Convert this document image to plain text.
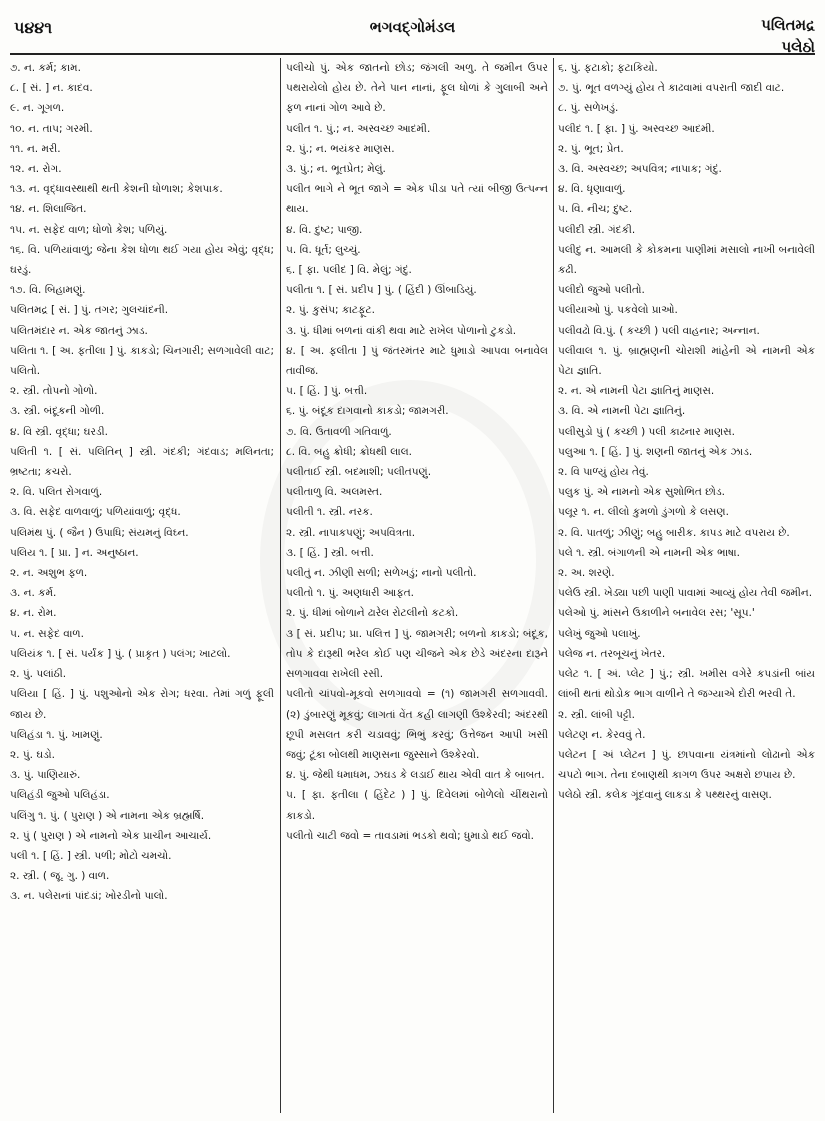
પ૪૪૧	ભગવદ્ગોમંડલ	પલિતમદ્ર
પલેઠો

૭. ન. કર્મ; કામ.

૮. [ સં. ] ન. કાદવ.

૯. ન. ગૂગળ.

૧૦. ન. તાપ; ગરમી.

૧૧. ન. મરી.

૧૨. ન. રોગ.

૧૩. ન. વૃદ્ધાવસ્થાથી થતી કેશની ધોળાશ; કેશપાક.

૧૪. ન. શિલાજિત.

૧૫. ન. સફેદ વાળ; ધોળો કેશ; પળિયું.

૧૬. વિ. પળિયાંવાળું; જેના કેશ ધોળા થઈ ગયા હોય એવું; વૃદ્ધ; ઘરડું.

૧૭. વિ. બિહામણું.

પલિતમદ્ર [ સં. ] પું. તગર; ગુલચાંદની.

પલિતમંદાર ન. એક જાતનું ઝાડ.

પલિતા ૧. [ અ. ફતીલા ] પું. કાકડો; ચિનગારી; સળગાવેલી વાટ; પલિતો.

૨. સ્ત્રી. તોપનો ગોળો.

૩. સ્ત્રી. બંદૂકની ગોળી.

૪. વિ સ્ત્રી. વૃદ્ધા; ઘરડી.

પલિતી ૧. [ સં. પલિતિન્ ] સ્ત્રી. ગંદકી; ગંદવાડ; મલિનતા; ભ્રષ્ટતા; કચરો.

૨. વિ. પલિત રોગવાળું.

૩. વિ. સફેદ વાળવાળું; પળિયાંવાળું; વૃદ્ધ.

પલિમંથ પું. ( જૈન ) ઉપાધિ; સંયમનું વિઘ્ન.

પલિય ૧. [ પ્રા. ] ન. અનુષ્ઠાન.

૨. ન. અશુભ ફળ.

૩. ન. કર્મ.

૪. ન. રોમ.

૫. ન. સફેદ વાળ.

પલિયંક ૧. [ સં. પર્યંક ] પું. ( પ્રાકૃત ) પલંગ; ખાટલો.

૨. પું. પલાંઠી.

પલિયા [ હિં. ] પું. પશુઓનો એક રોગ; ધરવા. તેમાં ગળું ફૂલી જાય છે.

પલિહંડા ૧. પું. ખામણું.

૨. પું. ઘડો.

૩. પું. પાણિયારું.

પલિહંડી જુઓ પલિહંડા.

પલિંગુ ૧. પું. ( પુરાણ ) એ નામના એક બ્રહ્મર્ષિ.

૨. પું ( પુરાણ ) એ નામનો એક પ્રાચીન આચાર્ય.

પલી ૧. [ હિં. ] સ્ત્રી. પળી; મોટો ચમચો.

૨. સ્ત્રી. ( જૂ. ગુ. ) વાળ.

૩. ન. પલેરાનાં પાંદડાં; ખોરડીનો પાલો.

પલીચો પું. એક જાતનો છોડ; જંગલી અળુ. તે જમીન ઉપર પથરાયેલો હોય છે. તેને પાન નાનાં, ફૂલ ધોળાં કે ગુલાબી અને ફળ નાનાં ગોળ આવે છે.

પલીત ૧. પું.; ન. અસ્વચ્છ આદમી.

૨. પું.; ન. ભયંકર માણસ.

૩. પું.; ન. ભૂતપ્રેત; મેલું.

પલીત ભાગે ને ભૂત જાગે = એક પીડા પતે ત્યાં બીજી ઉત્પન્ન થાય.

૪. વિ. દુષ્ટ; પાજી.

૫. વિ. ધૂર્ત; લુચ્ચું.

૬. [ ફા. પલીદ ] વિ. મેલું; ગંદું.

પલીતા ૧. [ સં. પ્રદીપ ] પું. ( હિંદી ) ઊંબાડિયું.

૨. પું. કુસંપ; કાટફૂટ.

૩. પું. ધીમાં બળનાં વાંકી થવા માટે રાખેલ પોળાનો ટુકડો.

૪. [ અ. ફલીતા ] પું જંતરમંતર માટે ધુમાડો આપવા બનાવેલ તાવીજ.

૫. [ હિં. ] પું. બત્તી.

૬. પું. બંદૂક દાગવાનો કાકડો; જામગરી.

૭. વિ. ઉતાવળી ગતિવાળું.

૮. વિ. બહુ ક્રોધી; ક્રોધથી લાલ.

પલીતાઈ સ્ત્રી. બદમાશી; પલીતપણું.

પલીતાળુ વિ. અલમસ્ત.

પલીતી ૧. સ્ત્રી. નરક.

૨. સ્ત્રી. નાપાકપણું; અપવિત્રતા.

૩. [ હિં. ] સ્ત્રી. બત્તી.

પલીતું ન. ઝીણી સળી; સળેખડું; નાનો પલીતો.

પલીતો ૧. પું. અણધારી આફત.

૨. પું. ધીમાં બોળાને ઢારેલ રોટલીનો કટકો.

૩ [ સં. પ્રદીપ; પ્રા. પલિત્ત ] પું. જામગરી; બળનો કાકડો; બંદૂક, તોપ કે દારૂથી ભરેલ કોઈ પણ ચીજને એક છેડે અંદરના દારૂને સળગાવવા રાખેલી રસી.

પલીતો ચાંપવો-મૂકવો સળગાવવો = (૧) જામગરી સળગાવવી. (૨) ડુંબારણું મૂકવું; લાગતાં વેંત કહી લાગણી ઉશ્કેરવી; અંદરથી છૂપી મસલત કરી ચડાવવું; ભિભું કરવું; ઉત્તેજન આપી ખસી જવું; ટૂંકા બોલથી માણસના જુસ્સાને ઉશ્કેરવો.

૪. પું. જેથી ધમાધમ, ઝઘડ કે લડાઈ થાય એવી વાત કે બાબત.

૫. [ ફા. ફતીલા ( હિંદેટ ) ] પું. દિવેલમાં બોળેલો ચીંથરાનો કાકડો.

પલીતો ચાટી જવો = તાવડામાં ભડકો થવો; ધુમાડો થઈ જવો.

૬. પું. ફટાકો; ફટાકિયો.

૭. પું. ભૂત વળગ્યું હોય તે કાઢવામાં વપરાતી જાદી વાટ.

૮. પું. સળેખડું.

પલીદ ૧. [ ફા. ] પું. અસ્વચ્છ આદમી.

૨. પું. ભૂત; પ્રેત.

૩. વિ. અસ્વચ્છ; અપવિત્ર; નાપાક; ગંદું.

૪. વિ. ધૃણાવાળું.

૫. વિ. નીચ; દુષ્ટ.

પલીદી સ્ત્રી. ગંદકી.

પલીદુ ન. આમલી કે કોકમના પાણીમાં મસાલો નાખી બનાવેલી કઢી.

પલીદો જુઓ પલીતો.

પલીયાઓ પું. પકવેલો પ્રાઓ.

પલીવઢો વિ.પું. ( કચ્છી ) પલી વાહનાર; અન્નાન.

પલીવાલ ૧. પું. બ્રાહ્મણની ચોરાશી માંહેની એ નામની એક પેટા જ્ઞાતિ.

૨. ન. એ નામની પેટા જ્ઞાતિનું માણસ.

૩. વિ. એ નામની પેટા જ્ઞાતિનું.

પલીસુડો પું ( કચ્છી ) પલી કાઢનાર માણસ.

પલુઆ ૧. [ હિં. ] પું. શણની જાતનું એક ઝાડ.

૨. વિ પાળ્યું હોય તેવું.

પલુક પું. એ નામનો એક સુશોભિત છોડ.

પલૂર ૧. ન. લીલો કુમળો ડુંગળો કે લસણ.

૨. વિ. પાતળું; ઝીણું; બહુ બારીક. કાપડ માટે વપરાય છે.

પલે ૧. સ્ત્રી. બંગાળની એ નામની એક ભાષા.

૨. અ. શરણે.

પલેઉ સ્ત્રી. ખેડ્યા પછી પાણી પાવામાં આવ્યું હોય તેવી જમીન.

પલેઓ પું. માંસને ઉકાળીને બનાવેલ રસ; 'સૂપ.'

પલેખું જુઓ પલાખું.

પલેજ ન. તરબૂચનું ખેતર.

પલેટ ૧. [ અં. પ્લેટ ] પું.; સ્ત્રી. ખમીસ વગેરે કપડાંની બાંય લાંબી થતાં થોડોક ભાગ વાળીને તે જગ્યાએ દોરી ભરવી તે.

૨. સ્ત્રી. લાંબી પટ્ટી.

પલેટણ ન. કેરવવું તે.

પલેટન [ અં પ્લેટન ] પું. છાપવાના યંત્રમાંનો લોઢાનો એક ચપટો ભાગ. તેના દબાણથી કાગળ ઉપર અક્ષરો છપાય છે.

પલેઠો સ્ત્રી. કલેક ગૂંદવાનું લાકડા કે પથ્થરનું વાસણ.
